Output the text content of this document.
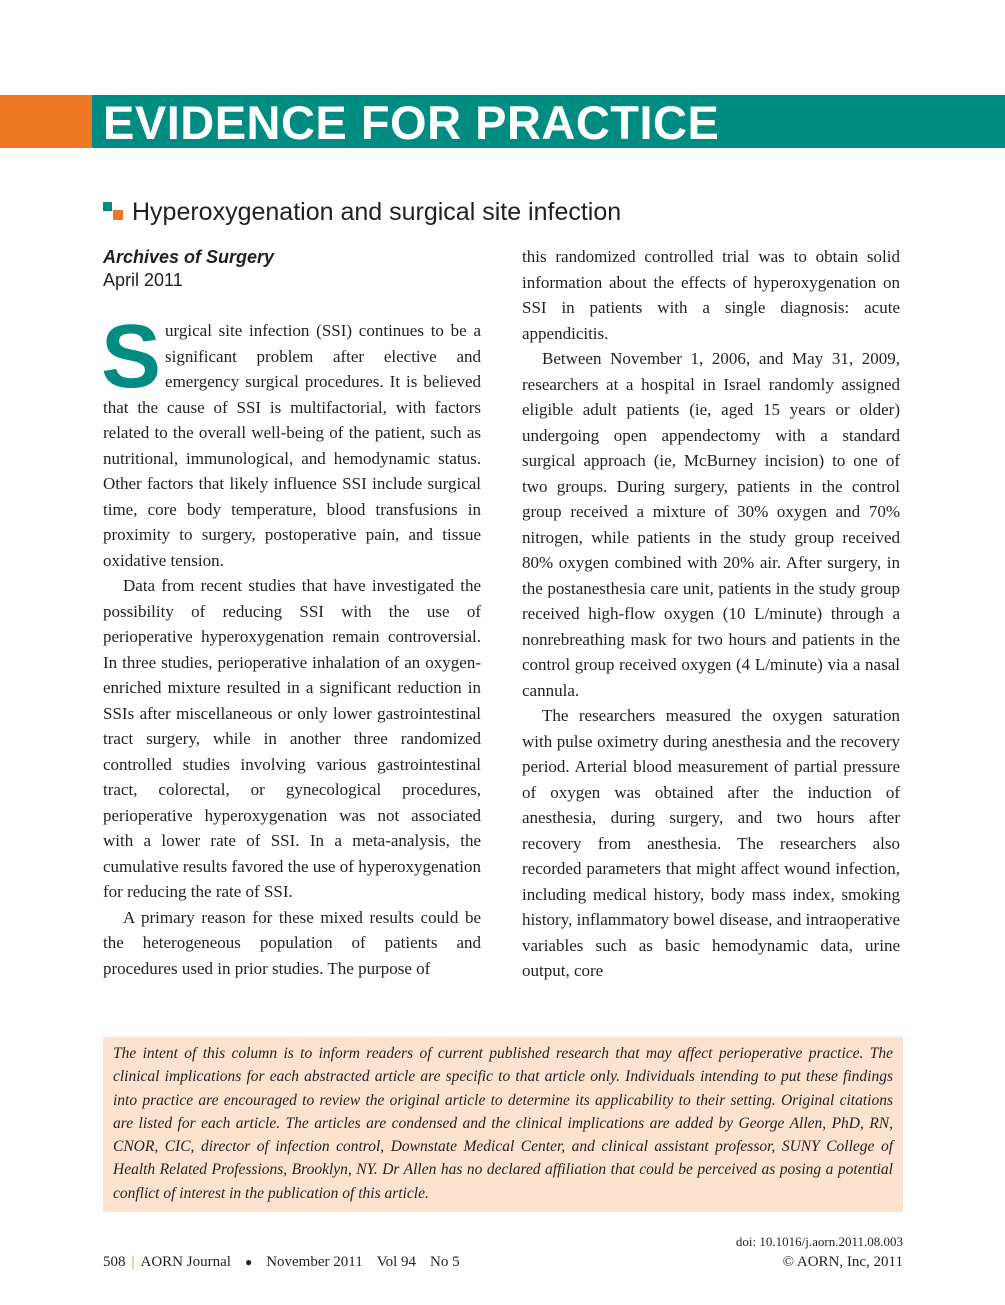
EVIDENCE FOR PRACTICE
Hyperoxygenation and surgical site infection
Archives of Surgery
April 2011

Surgical site infection (SSI) continues to be a significant problem after elective and emergency surgical procedures. It is believed that the cause of SSI is multifactorial, with factors related to the overall well-being of the patient, such as nutritional, immunological, and hemodynamic status. Other factors that likely influence SSI include surgical time, core body temperature, blood transfusions in proximity to surgery, postoperative pain, and tissue oxidative tension.

Data from recent studies that have investigated the possibility of reducing SSI with the use of perioperative hyperoxygenation remain controversial. In three studies, perioperative inhalation of an oxygen-enriched mixture resulted in a significant reduction in SSIs after miscellaneous or only lower gastrointestinal tract surgery, while in another three randomized controlled studies involving various gastrointestinal tract, colorectal, or gynecological procedures, perioperative hyperoxygenation was not associated with a lower rate of SSI. In a meta-analysis, the cumulative results favored the use of hyperoxygenation for reducing the rate of SSI.

A primary reason for these mixed results could be the heterogeneous population of patients and procedures used in prior studies. The purpose of

this randomized controlled trial was to obtain solid information about the effects of hyperoxygenation on SSI in patients with a single diagnosis: acute appendicitis.

Between November 1, 2006, and May 31, 2009, researchers at a hospital in Israel randomly assigned eligible adult patients (ie, aged 15 years or older) undergoing open appendectomy with a standard surgical approach (ie, McBurney incision) to one of two groups. During surgery, patients in the control group received a mixture of 30% oxygen and 70% nitrogen, while patients in the study group received 80% oxygen combined with 20% air. After surgery, in the postanesthesia care unit, patients in the study group received high-flow oxygen (10 L/minute) through a nonrebreathing mask for two hours and patients in the control group received oxygen (4 L/minute) via a nasal cannula.

The researchers measured the oxygen saturation with pulse oximetry during anesthesia and the recovery period. Arterial blood measurement of partial pressure of oxygen was obtained after the induction of anesthesia, during surgery, and two hours after recovery from anesthesia. The researchers also recorded parameters that might affect wound infection, including medical history, body mass index, smoking history, inflammatory bowel disease, and intraoperative variables such as basic hemodynamic data, urine output, core

The intent of this column is to inform readers of current published research that may affect perioperative practice. The clinical implications for each abstracted article are specific to that article only. Individuals intending to put these findings into practice are encouraged to review the original article to determine its applicability to their setting. Original citations are listed for each article. The articles are condensed and the clinical implications are added by George Allen, PhD, RN, CNOR, CIC, director of infection control, Downstate Medical Center, and clinical assistant professor, SUNY College of Health Related Professions, Brooklyn, NY. Dr Allen has no declared affiliation that could be perceived as posing a potential conflict of interest in the publication of this article.

508 | AORN Journal ● November 2011 Vol 94 No 5
doi: 10.1016/j.aorn.2011.08.003
© AORN, Inc, 2011
